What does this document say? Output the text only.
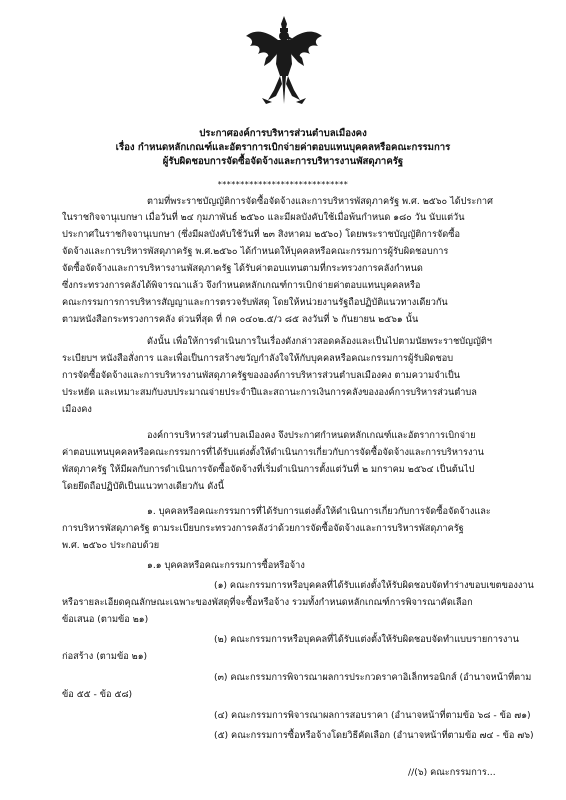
ประกาศองค์การบริหารส่วนตำบลเมืองคง
เรื่อง กำหนดหลักเกณฑ์และอัตราการเบิกจ่ายค่าตอบแทนบุคคลหรือคณะกรรมการ
ผู้รับผิดชอบการจัดซื้อจัดจ้างและการบริหารงานพัสดุภาครัฐ
*****************************
ตามที่พระราชบัญญัติการจัดซื้อจัดจ้างและการบริหารพัสดุภาครัฐ พ.ศ. ๒๕๖๐ ได้ประกาศ
ในราชกิจจานุเบกษา เมื่อวันที่ ๒๔ กุมภาพันธ์ ๒๕๖๐ และมีผลบังคับใช้เมื่อพ้นกำหนด ๑๘๐ วัน นับแต่วัน
ประกาศในราชกิจจานุเบกษา (ซึ่งมีผลบังคับใช้วันที่ ๒๓ สิงหาคม ๒๕๖๐) โดยพระราชบัญญัติการจัดซื้อ
จัดจ้างและการบริหารพัสดุภาครัฐ พ.ศ.๒๕๖๐ ได้กำหนดให้บุคคลหรือคณะกรรมการผู้รับผิดชอบการ
จัดซื้อจัดจ้างและการบริหารงานพัสดุภาครัฐ ได้รับค่าตอบแทนตามที่กระทรวงการคลังกำหนด
ซึ่งกระทรวงการคลังได้พิจารณาแล้ว จึงกำหนดหลักเกณฑ์การเบิกจ่ายค่าตอบแทนบุคคลหรือ
คณะกรรมการการบริหารสัญญาและการตรวจรับพัสดุ โดยให้หน่วยงานรัฐถือปฏิบัติแนวทางเดียวกัน
ตามหนังสือกระทรวงการคลัง ด่วนที่สุด ที่ กค ๐๔๐๒.๕/ว ๘๕ ลงวันที่ ๖ กันยายน ๒๕๖๑ นั้น
ดังนั้น เพื่อให้การดำเนินการในเรื่องดังกล่าวสอดคล้องและเป็นไปตามนัยพระราชบัญญัติฯ
ระเบียบฯ หนังสือสั่งการ และเพื่อเป็นการสร้างขวัญกำลังใจให้กับบุคคลหรือคณะกรรมการผู้รับผิดชอบ
การจัดซื้อจัดจ้างและการบริหารงานพัสดุภาครัฐขององค์การบริหารส่วนตำบลเมืองคง ตามความจำเป็น
ประหยัด และเหมาะสมกับงบประมาณจ่ายประจำปีและสถานะการเงินการคลังขององค์การบริหารส่วนตำบล
เมืองคง
องค์การบริหารส่วนตำบลเมืองคง จึงประกาศกำหนดหลักเกณฑ์และอัตราการเบิกจ่าย
ค่าตอบแทนบุคคลหรือคณะกรรมการที่ได้รับแต่งตั้งให้ดำเนินการเกี่ยวกับการจัดซื้อจัดจ้างและการบริหารงาน
พัสดุภาครัฐ ให้มีผลกับการดำเนินการจัดซื้อจัดจ้างที่เริ่มดำเนินการตั้งแต่วันที่ ๒ มกราคม ๒๕๖๔ เป็นต้นไป
โดยยึดถือปฏิบัติเป็นแนวทางเดียวกัน ดังนี้
๑. บุคคลหรือคณะกรรมการที่ได้รับการแต่งตั้งให้ดำเนินการเกี่ยวกับการจัดซื้อจัดจ้างและ
การบริหารพัสดุภาครัฐ ตามระเบียบกระทรวงการคลังว่าด้วยการจัดซื้อจัดจ้างและการบริหารพัสดุภาครัฐ
พ.ศ. ๒๕๖๐ ประกอบด้วย
๑.๑ บุคคลหรือคณะกรรมการซื้อหรือจ้าง
(๑) คณะกรรมการหรือบุคคลที่ได้รับแต่งตั้งให้รับผิดชอบจัดทำร่างขอบเขตของงาน
หรือรายละเอียดคุณลักษณะเฉพาะของพัสดุที่จะซื้อหรือจ้าง รวมทั้งกำหนดหลักเกณฑ์การพิจารณาคัดเลือก
ข้อเสนอ (ตามข้อ ๒๑)
(๒) คณะกรรมการหรือบุคคลที่ได้รับแต่งตั้งให้รับผิดชอบจัดทำแบบรายการงาน
ก่อสร้าง (ตามข้อ ๒๑)
(๓) คณะกรรมการพิจารณาผลการประกวดราคาอิเล็กทรอนิกส์ (อำนาจหน้าที่ตาม
ข้อ ๕๕ - ข้อ ๕๘)
(๔) คณะกรรมการพิจารณาผลการสอบราคา (อำนาจหน้าที่ตามข้อ ๖๘ - ข้อ ๗๑)
(๕) คณะกรรมการซื้อหรือจ้างโดยวิธีคัดเลือก (อำนาจหน้าที่ตามข้อ ๗๔ - ข้อ ๗๖)
//(๖) คณะกรรมการ...
